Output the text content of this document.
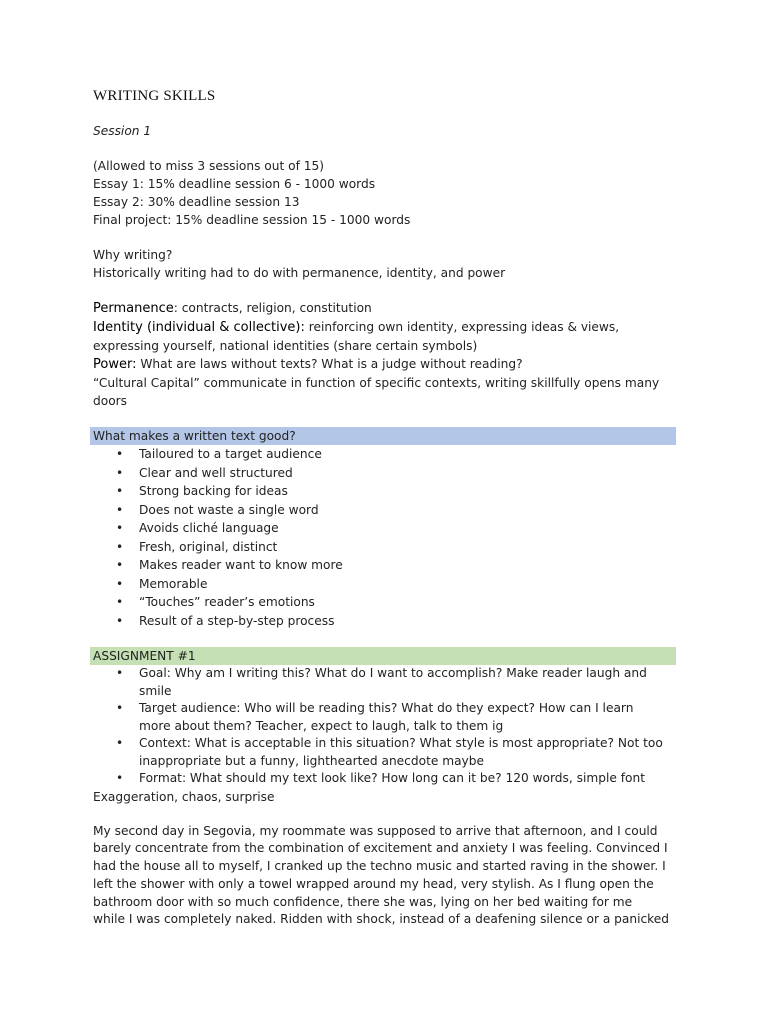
WRITING SKILLS
Session 1
(Allowed to miss 3 sessions out of 15)
Essay 1: 15% deadline session 6 - 1000 words
Essay 2: 30% deadline session 13
Final project: 15% deadline session 15 - 1000 words
Why writing?
Historically writing had to do with permanence, identity, and power
Permanence: contracts, religion, constitution
Identity (individual & collective): reinforcing own identity, expressing ideas & views,
expressing yourself, national identities (share certain symbols)
Power: What are laws without texts? What is a judge without reading?
“Cultural Capital” communicate in function of specific contexts, writing skillfully opens many
doors
What makes a written text good?
• Tailoured to a target audience
• Clear and well structured
• Strong backing for ideas
• Does not waste a single word
• Avoids cliché language
• Fresh, original, distinct
• Makes reader want to know more
• Memorable
• “Touches” reader’s emotions
• Result of a step-by-step process
ASSIGNMENT #1
• Goal: Why am I writing this? What do I want to accomplish? Make reader laugh and
smile
• Target audience: Who will be reading this? What do they expect? How can I learn
more about them? Teacher, expect to laugh, talk to them ig
• Context: What is acceptable in this situation? What style is most appropriate? Not too
inappropriate but a funny, lighthearted anecdote maybe
• Format: What should my text look like? How long can it be? 120 words, simple font
Exaggeration, chaos, surprise
My second day in Segovia, my roommate was supposed to arrive that afternoon, and I could
barely concentrate from the combination of excitement and anxiety I was feeling. Convinced I
had the house all to myself, I cranked up the techno music and started raving in the shower. I
left the shower with only a towel wrapped around my head, very stylish. As I flung open the
bathroom door with so much confidence, there she was, lying on her bed waiting for me
while I was completely naked. Ridden with shock, instead of a deafening silence or a panicked
